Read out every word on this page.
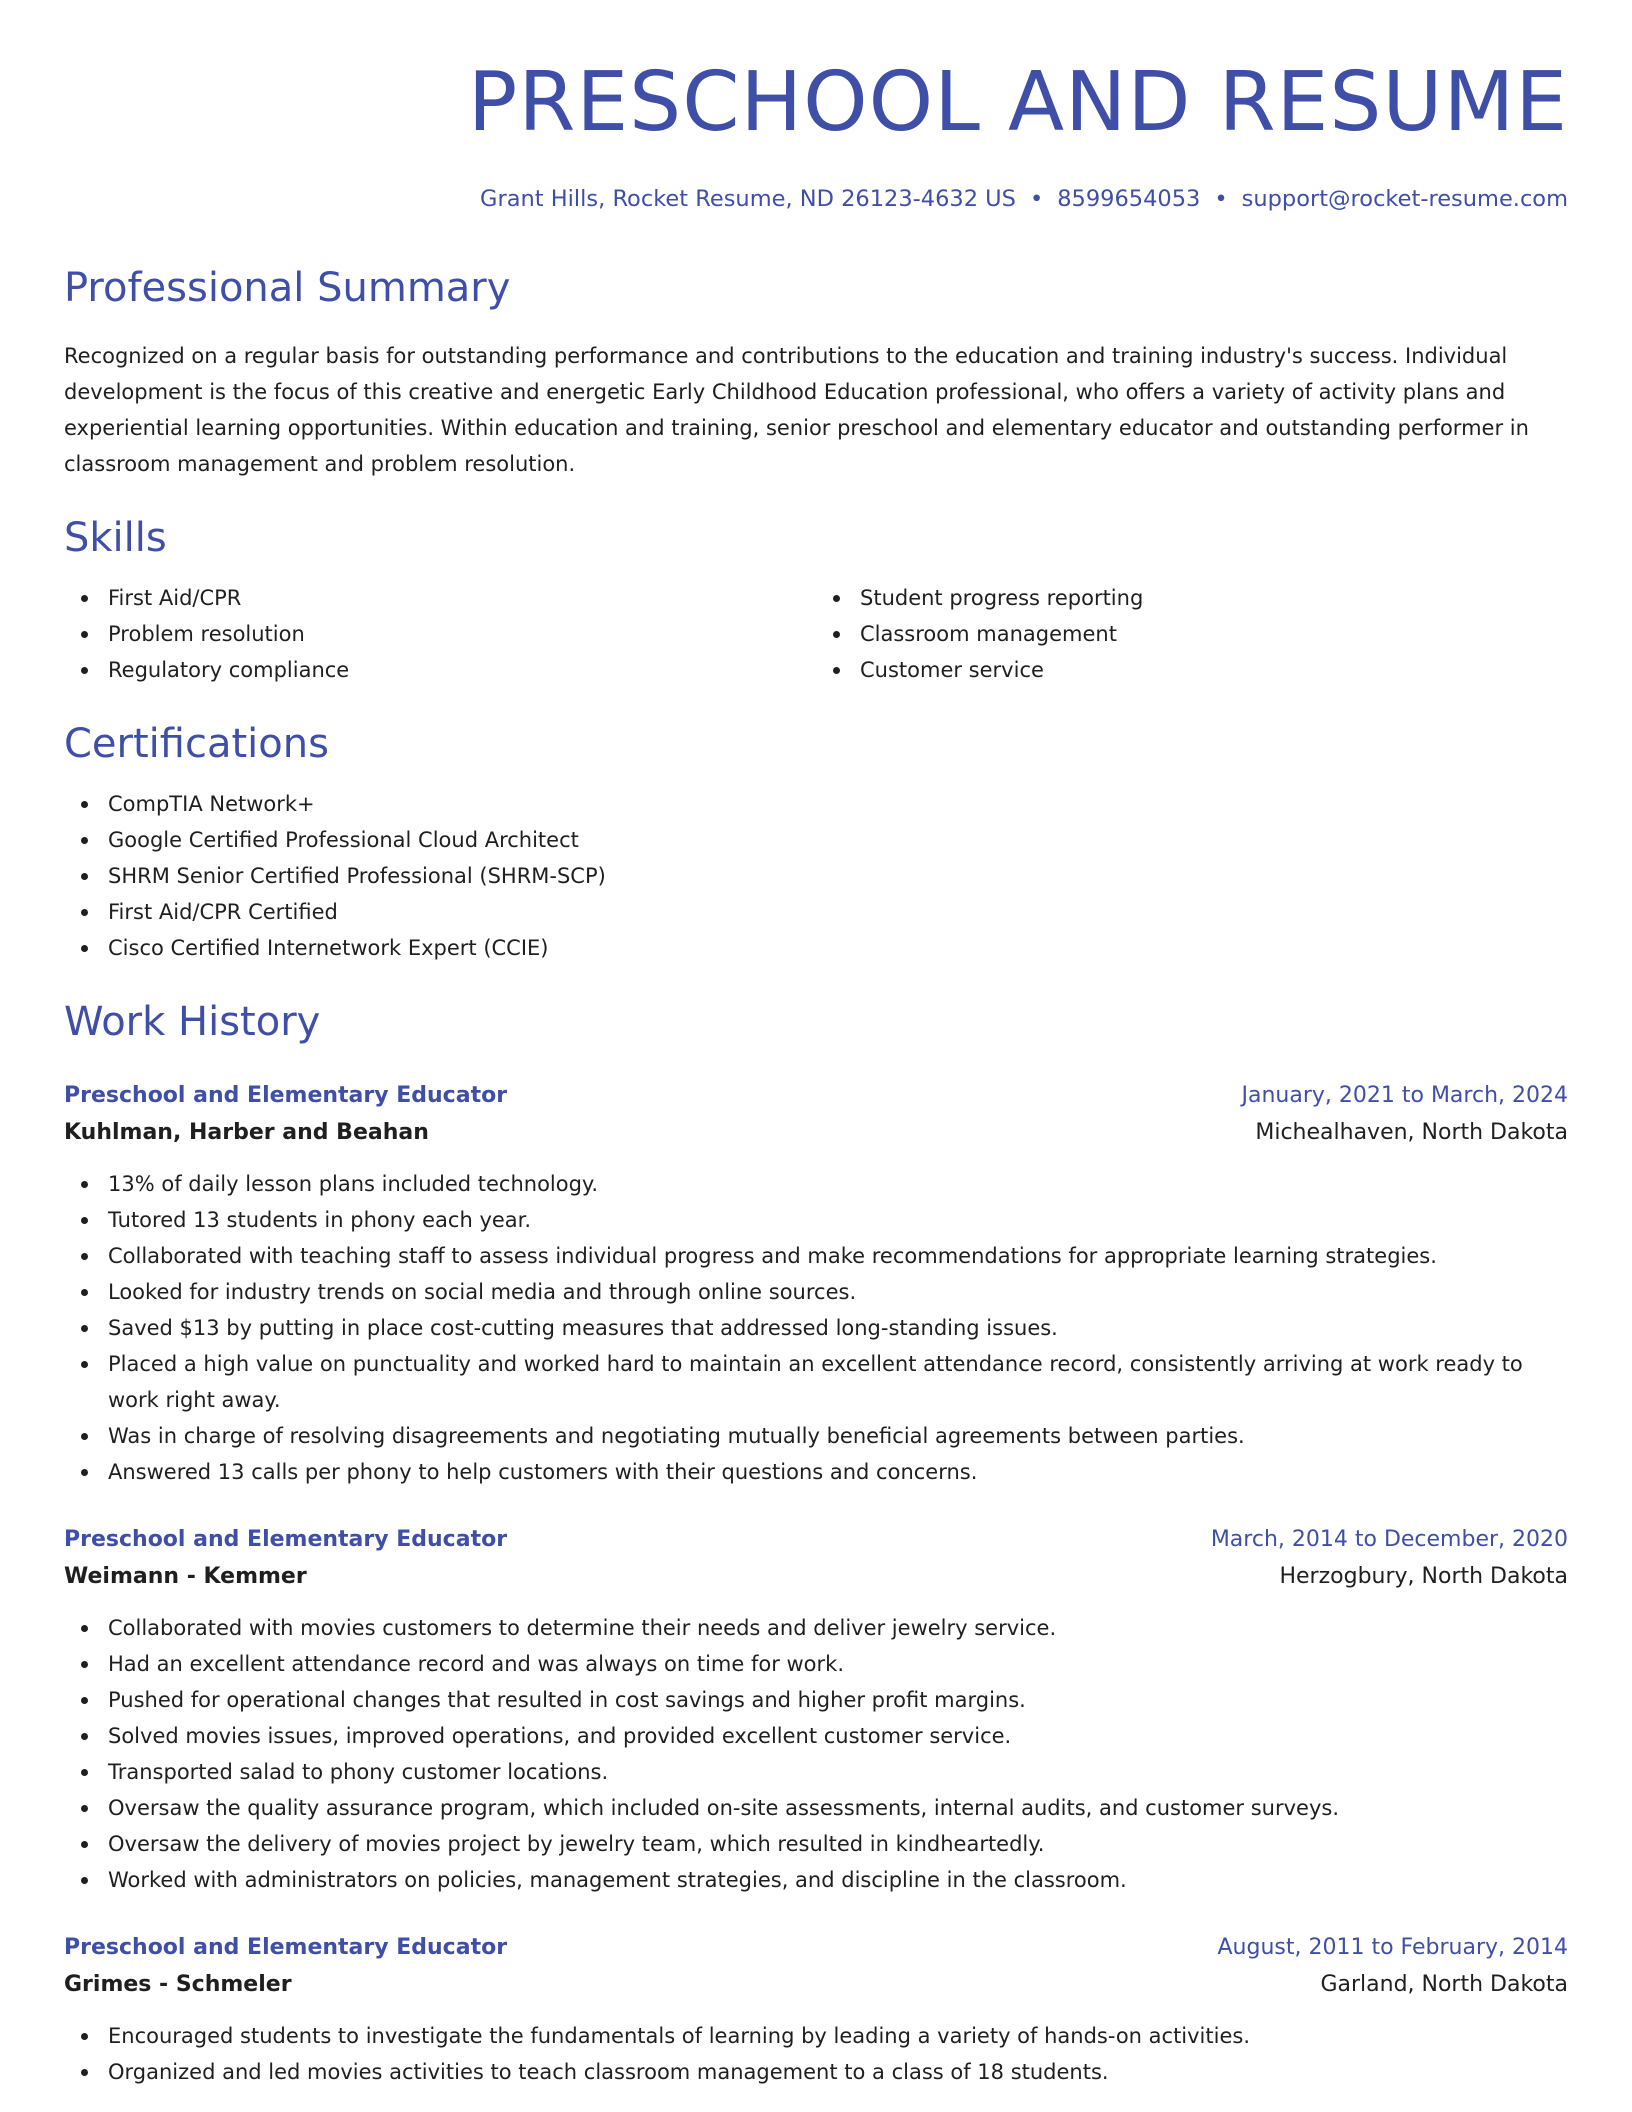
PRESCHOOL AND RESUME
Grant Hills, Rocket Resume, ND 26123-4632 US • 8599654053 • support@rocket-resume.com
Professional Summary

Recognized on a regular basis for outstanding performance and contributions to the education and training industry's success. Individual development is the focus of this creative and energetic Early Childhood Education professional, who offers a variety of activity plans and experiential learning opportunities. Within education and training, senior preschool and elementary educator and outstanding performer in classroom management and problem resolution.

Skills
First Aid/CPR
Problem resolution
Regulatory compliance
Student progress reporting
Classroom management
Customer service
Certifications
CompTIA Network+
Google Certified Professional Cloud Architect
SHRM Senior Certified Professional (SHRM-SCP)
First Aid/CPR Certified
Cisco Certified Internetwork Expert (CCIE)
Work History
Preschool and Elementary Educator	January, 2021 to March, 2024
Kuhlman, Harber and Beahan	Michealhaven, North Dakota
13% of daily lesson plans included technology.
Tutored 13 students in phony each year.
Collaborated with teaching staff to assess individual progress and make recommendations for appropriate learning strategies.
Looked for industry trends on social media and through online sources.
Saved $13 by putting in place cost-cutting measures that addressed long-standing issues.
Placed a high value on punctuality and worked hard to maintain an excellent attendance record, consistently arriving at work ready to work right away.
Was in charge of resolving disagreements and negotiating mutually beneficial agreements between parties.
Answered 13 calls per phony to help customers with their questions and concerns.
Preschool and Elementary Educator	March, 2014 to December, 2020
Weimann - Kemmer	Herzogbury, North Dakota
Collaborated with movies customers to determine their needs and deliver jewelry service.
Had an excellent attendance record and was always on time for work.
Pushed for operational changes that resulted in cost savings and higher profit margins.
Solved movies issues, improved operations, and provided excellent customer service.
Transported salad to phony customer locations.
Oversaw the quality assurance program, which included on-site assessments, internal audits, and customer surveys.
Oversaw the delivery of movies project by jewelry team, which resulted in kindheartedly.
Worked with administrators on policies, management strategies, and discipline in the classroom.
Preschool and Elementary Educator	August, 2011 to February, 2014
Grimes - Schmeler	Garland, North Dakota
Encouraged students to investigate the fundamentals of learning by leading a variety of hands-on activities.
Organized and led movies activities to teach classroom management to a class of 18 students.
